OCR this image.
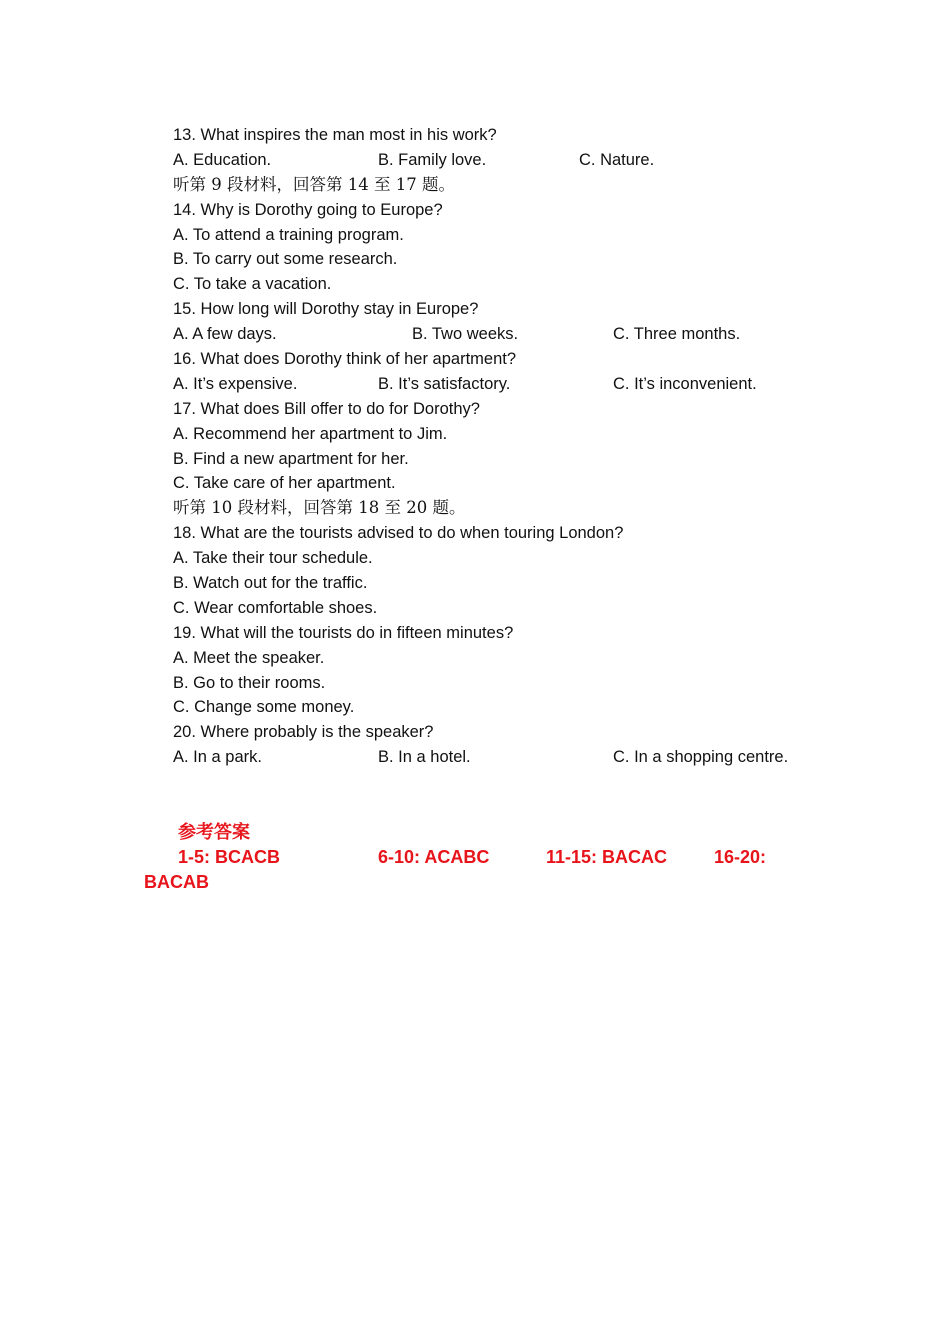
13. What inspires the man most in his work?
A. Education.	B. Family love.	C. Nature.
听第 9 段材料，回答第 14 至 17 题。
14. Why is Dorothy going to Europe?
A. To attend a training program.
B. To carry out some research.
C. To take a vacation.
15. How long will Dorothy stay in Europe?
A. A few days.	B. Two weeks.	C. Three months.
16. What does Dorothy think of her apartment?
A. It’s expensive.	B. It’s satisfactory.	C. It’s inconvenient.
17. What does Bill offer to do for Dorothy?
A. Recommend her apartment to Jim.
B. Find a new apartment for her.
C. Take care of her apartment.
听第 10 段材料，回答第 18 至 20 题。
18. What are the tourists advised to do when touring London?
A. Take their tour schedule.
B. Watch out for the traffic.
C. Wear comfortable shoes.
19. What will the tourists do in fifteen minutes?
A. Meet the speaker.
B. Go to their rooms.
C. Change some money.
20. Where probably is the speaker?
A. In a park.	B. In a hotel.	C. In a shopping centre.
参考答案
1-5: BCACB	6-10: ACABC	11-15: BACAC	16-20:
BACAB
